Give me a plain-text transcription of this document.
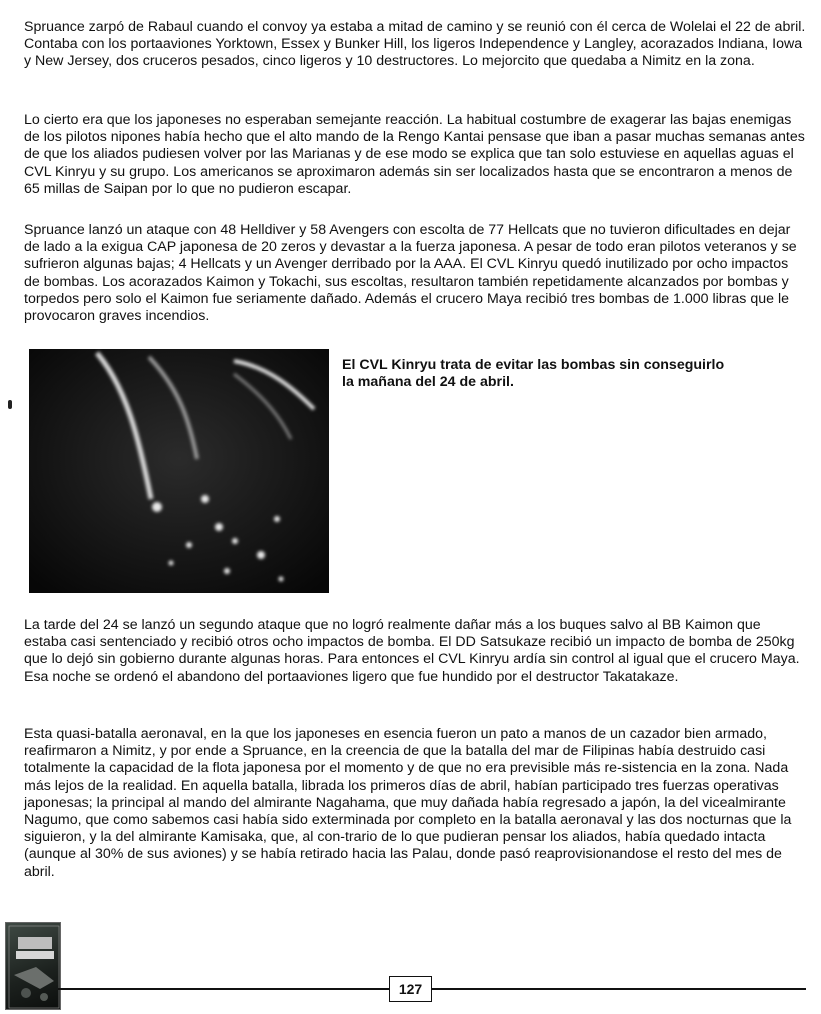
Spruance zarpó de Rabaul cuando el convoy ya estaba a mitad de camino y se reunió con él cerca de Wolelai el 22 de abril. Contaba con los portaaviones Yorktown, Essex y Bunker Hill, los ligeros Independence y Langley, acorazados Indiana, Iowa y New Jersey, dos cruceros pesados, cinco ligeros y 10 destructores. Lo mejorcito que quedaba a Nimitz en la zona.

Lo cierto era que los japoneses no esperaban semejante reacción. La habitual costumbre de exagerar las bajas enemigas de los pilotos nipones había hecho que el alto mando de la Rengo Kantai pensase que iban a pasar muchas semanas antes de que los aliados pudiesen volver por las Marianas y de ese modo se explica que tan solo estuviese en aquellas aguas el CVL Kinryu y su grupo. Los americanos se aproximaron además sin ser localizados hasta que se encontraron a menos de 65 millas de Saipan por lo que no pudieron escapar.

Spruance lanzó un ataque con 48 Helldiver y 58 Avengers con escolta de 77 Hellcats que no tuvieron dificultades en dejar de lado a la exigua CAP japonesa de 20 zeros y devastar a la fuerza japonesa. A pesar de todo eran pilotos veteranos y se sufrieron algunas bajas; 4 Hellcats y un Avenger derribado por la AAA. El CVL Kinryu quedó inutilizado por ocho impactos de bombas. Los acorazados Kaimon y Tokachi, sus escoltas, resultaron también repetidamente alcanzados por bombas y torpedos pero solo el Kaimon fue seriamente dañado. Además el crucero Maya recibió tres bombas de 1.000 libras que le provocaron graves incendios.

El CVL Kinryu trata de evitar las bombas sin conseguirlo
la mañana del 24 de abril.

La tarde del 24 se lanzó un segundo ataque que no logró realmente dañar más a los buques salvo al BB Kaimon que estaba casi sentenciado y recibió otros ocho impactos de bomba. El DD Satsukaze recibió un impacto de bomba de 250kg que lo dejó sin gobierno durante algunas horas. Para entonces el CVL Kinryu ardía sin control al igual que el crucero Maya. Esa noche se ordenó el abandono del portaaviones ligero que fue hundido por el destructor Takatakaze.

Esta quasi-batalla aeronaval, en la que los japoneses en esencia fueron un pato a manos de un cazador bien armado, reafirmaron a Nimitz, y por ende a Spruance, en la creencia de que la batalla del mar de Filipinas había destruido casi totalmente la capacidad de la flota japonesa por el momento y de que no era previsible más re-sistencia en la zona. Nada más lejos de la realidad. En aquella batalla, librada los primeros días de abril, habían participado tres fuerzas operativas japonesas; la principal al mando del almirante Nagahama, que muy dañada había regresado a japón, la del vicealmirante Nagumo, que como sabemos casi había sido exterminada por completo en la batalla aeronaval y las dos nocturnas que la siguieron, y la del almirante Kamisaka, que, al con-trario de lo que pudieran pensar los aliados, había quedado intacta (aunque al 30% de sus aviones) y se había retirado hacia las Palau, donde pasó reaprovisionandose el resto del mes de abril.

127
